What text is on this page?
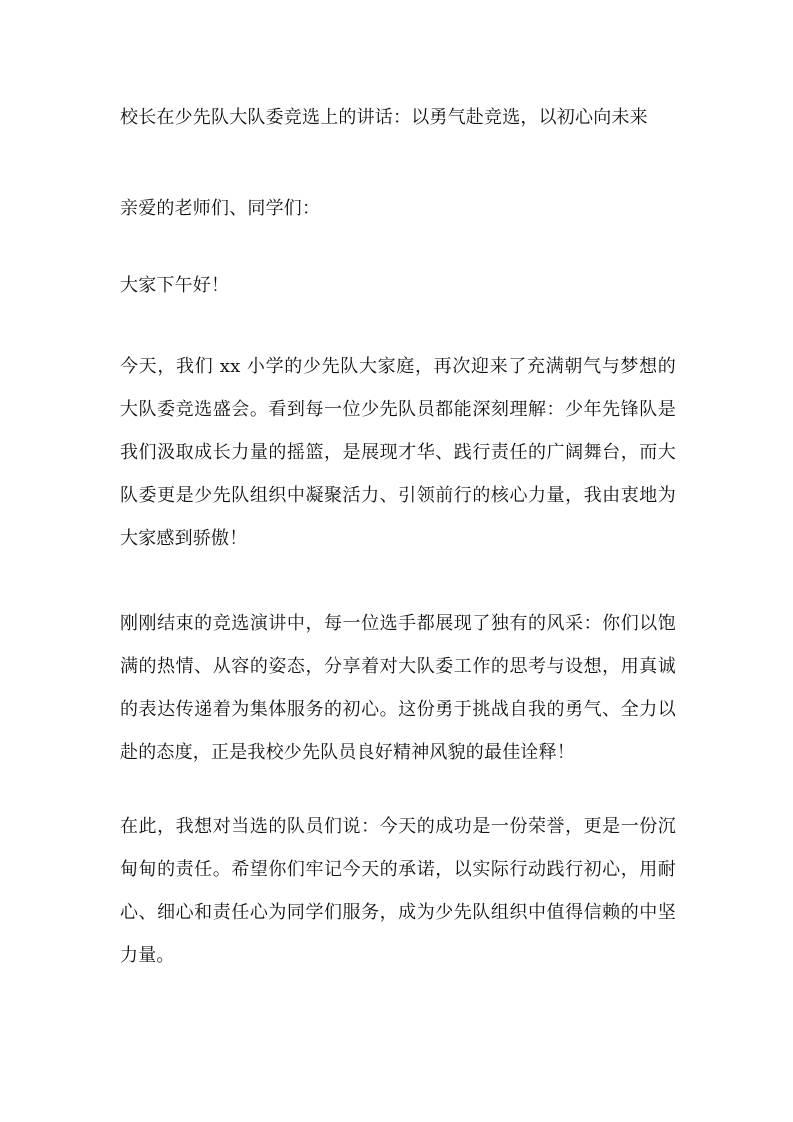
校长在少先队大队委竞选上的讲话：以勇气赴竞选，以初心向未来

亲爱的老师们、同学们：

大家下午好！

今天，我们 xx 小学的少先队大家庭，再次迎来了充满朝气与梦想的大队委竞选盛会。看到每一位少先队员都能深刻理解：少年先锋队是我们汲取成长力量的摇篮，是展现才华、践行责任的广阔舞台，而大队委更是少先队组织中凝聚活力、引领前行的核心力量，我由衷地为大家感到骄傲！

刚刚结束的竞选演讲中，每一位选手都展现了独有的风采：你们以饱满的热情、从容的姿态，分享着对大队委工作的思考与设想，用真诚的表达传递着为集体服务的初心。这份勇于挑战自我的勇气、全力以赴的态度，正是我校少先队员良好精神风貌的最佳诠释！

在此，我想对当选的队员们说：今天的成功是一份荣誉，更是一份沉甸甸的责任。希望你们牢记今天的承诺，以实际行动践行初心，用耐心、细心和责任心为同学们服务，成为少先队组织中值得信赖的中坚力量。
